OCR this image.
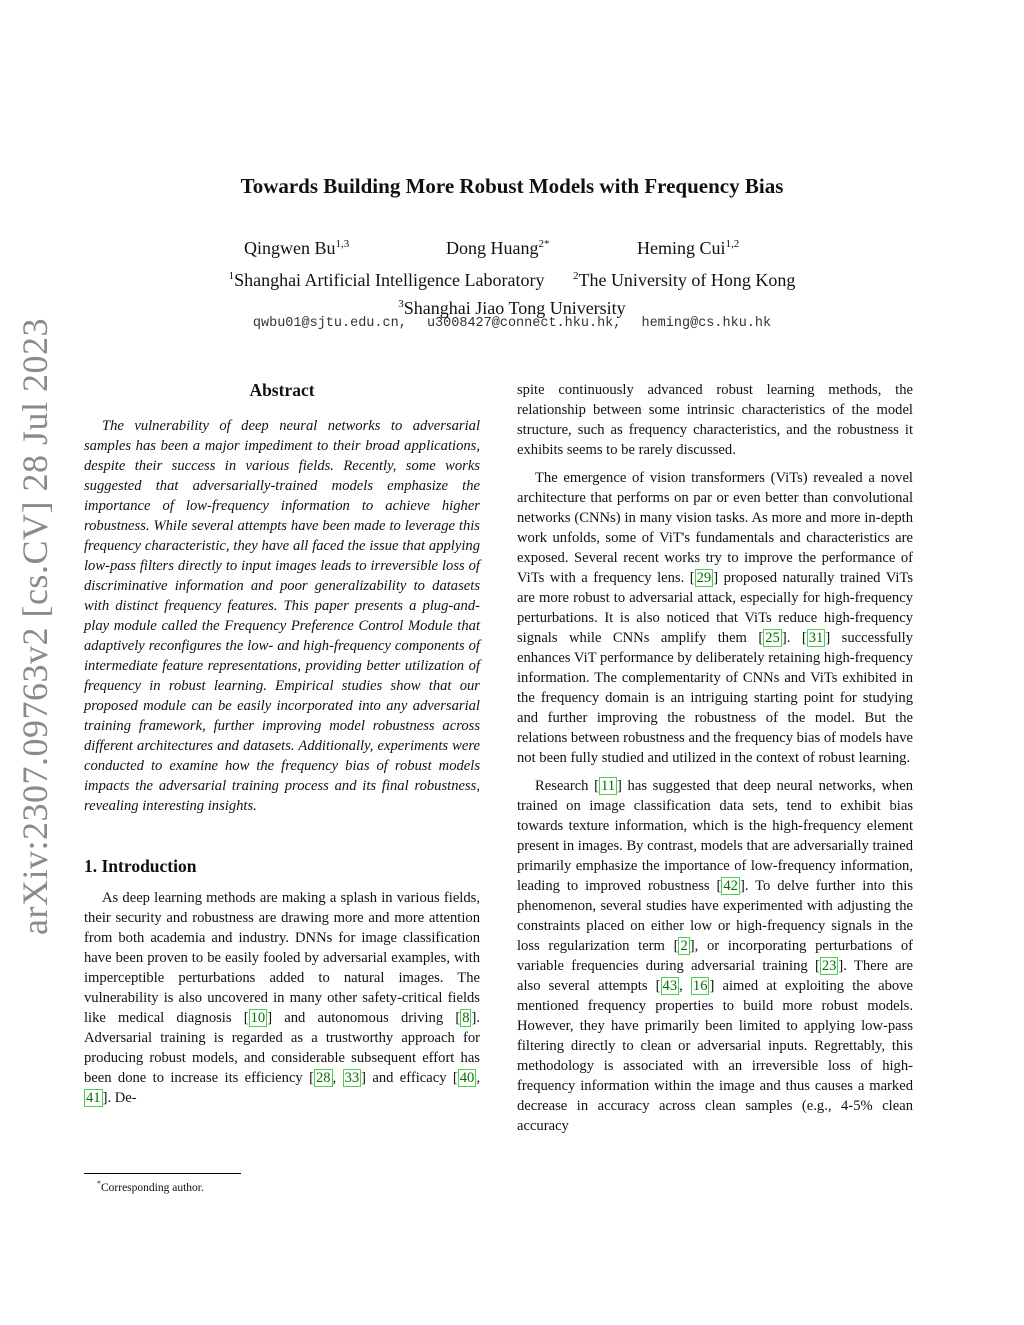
arXiv:2307.09763v2 [cs.CV] 28 Jul 2023
Towards Building More Robust Models with Frequency Bias
Qingwen Bu$^{1,3}$	Dong Huang$^{2*}$	Heming Cui$^{1,2}$
$^1$Shanghai Artificial Intelligence Laboratory	$^2$The University of Hong Kong
$^3$Shanghai Jiao Tong University
qwbu01@sjtu.edu.cn, u3008427@connect.hku.hk, heming@cs.hku.hk
Abstract

The vulnerability of deep neural networks to adversarial samples has been a major impediment to their broad applications, despite their success in various fields. Recently, some works suggested that adversarially-trained models emphasize the importance of low-frequency information to achieve higher robustness. While several attempts have been made to leverage this frequency characteristic, they have all faced the issue that applying low-pass filters directly to input images leads to irreversible loss of discriminative information and poor generalizability to datasets with distinct frequency features. This paper presents a plug-and-play module called the Frequency Preference Control Module that adaptively reconfigures the low- and high-frequency components of intermediate feature representations, providing better utilization of frequency in robust learning. Empirical studies show that our proposed module can be easily incorporated into any adversarial training framework, further improving model robustness across different architectures and datasets. Additionally, experiments were conducted to examine how the frequency bias of robust models impacts the adversarial training process and its final robustness, revealing interesting insights.

1. Introduction

As deep learning methods are making a splash in various fields, their security and robustness are drawing more and more attention from both academia and industry. DNNs for image classification have been proven to be easily fooled by adversarial examples, with imperceptible perturbations added to natural images. The vulnerability is also uncovered in many other safety-critical fields like medical diagnosis [ 10 ] and autonomous driving [ 8 ]. Adversarial training is regarded as a trustworthy approach for producing robust models, and considerable subsequent effort has been done to increase its efficiency [ 28 , 33 ] and efficacy [ 40 , 41 ]. De-

spite continuously advanced robust learning methods, the relationship between some intrinsic characteristics of the model structure, such as frequency characteristics, and the robustness it exhibits seems to be rarely discussed.

The emergence of vision transformers (ViTs) revealed a novel architecture that performs on par or even better than convolutional networks (CNNs) in many vision tasks. As more and more in-depth work unfolds, some of ViT's fundamentals and characteristics are exposed. Several recent works try to improve the performance of ViTs with a frequency lens. [ 29 ] proposed naturally trained ViTs are more robust to adversarial attack, especially for high-frequency perturbations. It is also noticed that ViTs reduce high-frequency signals while CNNs amplify them [ 25 ]. [ 31 ] successfully enhances ViT performance by deliberately retaining high-frequency information. The complementarity of CNNs and ViTs exhibited in the frequency domain is an intriguing starting point for studying and further improving the robustness of the model. But the relations between robustness and the frequency bias of models have not been fully studied and utilized in the context of robust learning.

Research [ 11 ] has suggested that deep neural networks, when trained on image classification data sets, tend to exhibit bias towards texture information, which is the high-frequency element present in images. By contrast, models that are adversarially trained primarily emphasize the importance of low-frequency information, leading to improved robustness [ 42 ]. To delve further into this phenomenon, several studies have experimented with adjusting the constraints placed on either low or high-frequency signals in the loss regularization term [ 2 ], or incorporating perturbations of variable frequencies during adversarial training [ 23 ]. There are also several attempts [ 43 , 16 ] aimed at exploiting the above mentioned frequency properties to build more robust models. However, they have primarily been limited to applying low-pass filtering directly to clean or adversarial inputs. Regrettably, this methodology is associated with an irreversible loss of high-frequency information within the image and thus causes a marked decrease in accuracy across clean samples (e.g., 4-5% clean accuracy

*Corresponding author.
